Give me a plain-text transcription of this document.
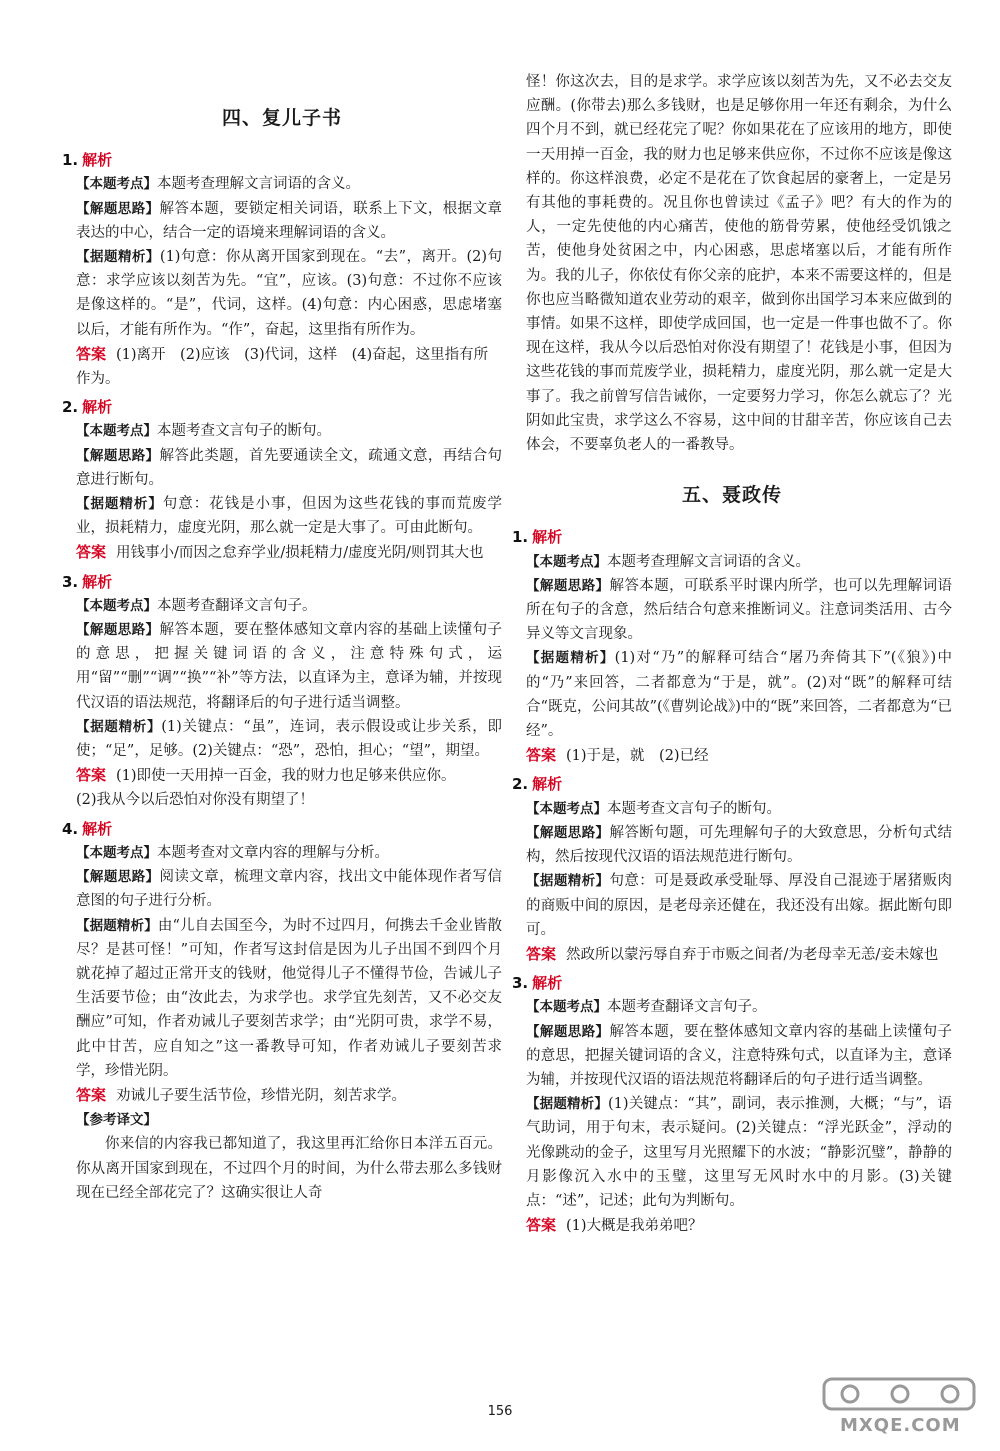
四、复儿子书
1. 解析
【本题考点】本题考查理解文言词语的含义。
【解题思路】解答本题，要锁定相关词语，联系上下文，根据文章表达的中心，结合一定的语境来理解词语的含义。
【据题精析】(1)句意：你从离开国家到现在。“去”，离开。(2)句意：求学应该以刻苦为先。“宜”，应该。(3)句意：不过你不应该是像这样的。“是”，代词，这样。(4)句意：内心困惑，思虑堵塞以后，才能有所作为。“作”，奋起，这里指有所作为。
答案 (1)离开　(2)应该　(3)代词，这样　(4)奋起，这里指有所作为。
2. 解析
【本题考点】本题考查文言句子的断句。
【解题思路】解答此类题，首先要通读全文，疏通文意，再结合句意进行断句。
【据题精析】句意：花钱是小事，但因为这些花钱的事而荒废学业，损耗精力，虚度光阴，那么就一定是大事了。可由此断句。
答案 用钱事小/而因之怠弃学业/损耗精力/虚度光阴/则罚其大也
3. 解析
【本题考点】本题考查翻译文言句子。
【解题思路】解答本题，要在整体感知文章内容的基础上读懂句子的意思，把握关键词语的含义，注意特殊句式，运用“留”“删”“调”“换”“补”等方法，以直译为主，意译为辅，并按现代汉语的语法规范，将翻译后的句子进行适当调整。
【据题精析】(1)关键点：“虽”，连词，表示假设或让步关系，即使；“足”，足够。(2)关键点：“恐”，恐怕，担心；“望”，期望。
答案 (1)即使一天用掉一百金，我的财力也足够来供应你。
(2)我从今以后恐怕对你没有期望了！
4. 解析
【本题考点】本题考查对文章内容的理解与分析。
【解题思路】阅读文章，梳理文章内容，找出文中能体现作者写信意图的句子进行分析。
【据题精析】由“儿自去国至今，为时不过四月，何携去千金业皆散尽？是甚可怪！”可知，作者写这封信是因为儿子出国不到四个月就花掉了超过正常开支的钱财，他觉得儿子不懂得节俭，告诫儿子生活要节俭；由“汝此去，为求学也。求学宜先刻苦，又不必交友酬应”可知，作者劝诫儿子要刻苦求学；由“光阴可贵，求学不易，此中甘苦，应自知之”这一番教导可知，作者劝诫儿子要刻苦求学，珍惜光阴。
答案 劝诫儿子要生活节俭，珍惜光阴，刻苦求学。
【参考译文】
你来信的内容我已都知道了，我这里再汇给你日本洋五百元。你从离开国家到现在，不过四个月的时间，为什么带去那么多钱财现在已经全部花完了？这确实很让人奇
怪！你这次去，目的是求学。求学应该以刻苦为先，又不必去交友应酬。(你带去)那么多钱财，也是足够你用一年还有剩余，为什么四个月不到，就已经花完了呢？你如果花在了应该用的地方，即使一天用掉一百金，我的财力也足够来供应你，不过你不应该是像这样的。你这样浪费，必定不是花在了饮食起居的豪奢上，一定是另有其他的事耗费的。况且你也曾读过《孟子》吧？有大的作为的人，一定先使他的内心痛苦，使他的筋骨劳累，使他经受饥饿之苦，使他身处贫困之中，内心困惑，思虑堵塞以后，才能有所作为。我的儿子，你依仗有你父亲的庇护，本来不需要这样的，但是你也应当略微知道农业劳动的艰辛，做到你出国学习本来应做到的事情。如果不这样，即使学成回国，也一定是一件事也做不了。你现在这样，我从今以后恐怕对你没有期望了！花钱是小事，但因为这些花钱的事而荒废学业，损耗精力，虚度光阴，那么就一定是大事了。我之前曾写信告诫你，一定要努力学习，你怎么就忘了？光阴如此宝贵，求学这么不容易，这中间的甘甜辛苦，你应该自己去体会，不要辜负老人的一番教导。
五、聂政传
1. 解析
【本题考点】本题考查理解文言词语的含义。
【解题思路】解答本题，可联系平时课内所学，也可以先理解词语所在句子的含意，然后结合句意来推断词义。注意词类活用、古今异义等文言现象。
【据题精析】(1)对“乃”的解释可结合“屠乃奔倚其下”(《狼》)中的“乃”来回答，二者都意为“于是，就”。(2)对“既”的解释可结合“既克，公问其故”(《曹刿论战》)中的“既”来回答，二者都意为“已经”。
答案 (1)于是，就　(2)已经
2. 解析
【本题考点】本题考查文言句子的断句。
【解题思路】解答断句题，可先理解句子的大致意思，分析句式结构，然后按现代汉语的语法规范进行断句。
【据题精析】句意：可是聂政承受耻辱、厚没自己混迹于屠猪贩肉的商贩中间的原因，是老母亲还健在，我还没有出嫁。据此断句即可。
答案 然政所以蒙污辱自弃于市贩之间者/为老母幸无恙/妾未嫁也
3. 解析
【本题考点】本题考查翻译文言句子。
【解题思路】解答本题，要在整体感知文章内容的基础上读懂句子的意思，把握关键词语的含义，注意特殊句式，以直译为主，意译为辅，并按现代汉语的语法规范将翻译后的句子进行适当调整。
【据题精析】(1)关键点：“其”，副词，表示推测，大概；“与”，语气助词，用于句末，表示疑问。(2)关键点：“浮光跃金”，浮动的光像跳动的金子，这里写月光照耀下的水波；“静影沉璧”，静静的月影像沉入水中的玉璧，这里写无风时水中的月影。(3)关键点：“述”，记述；此句为判断句。
答案 (1)大概是我弟弟吧？
156
MXQE.COM
